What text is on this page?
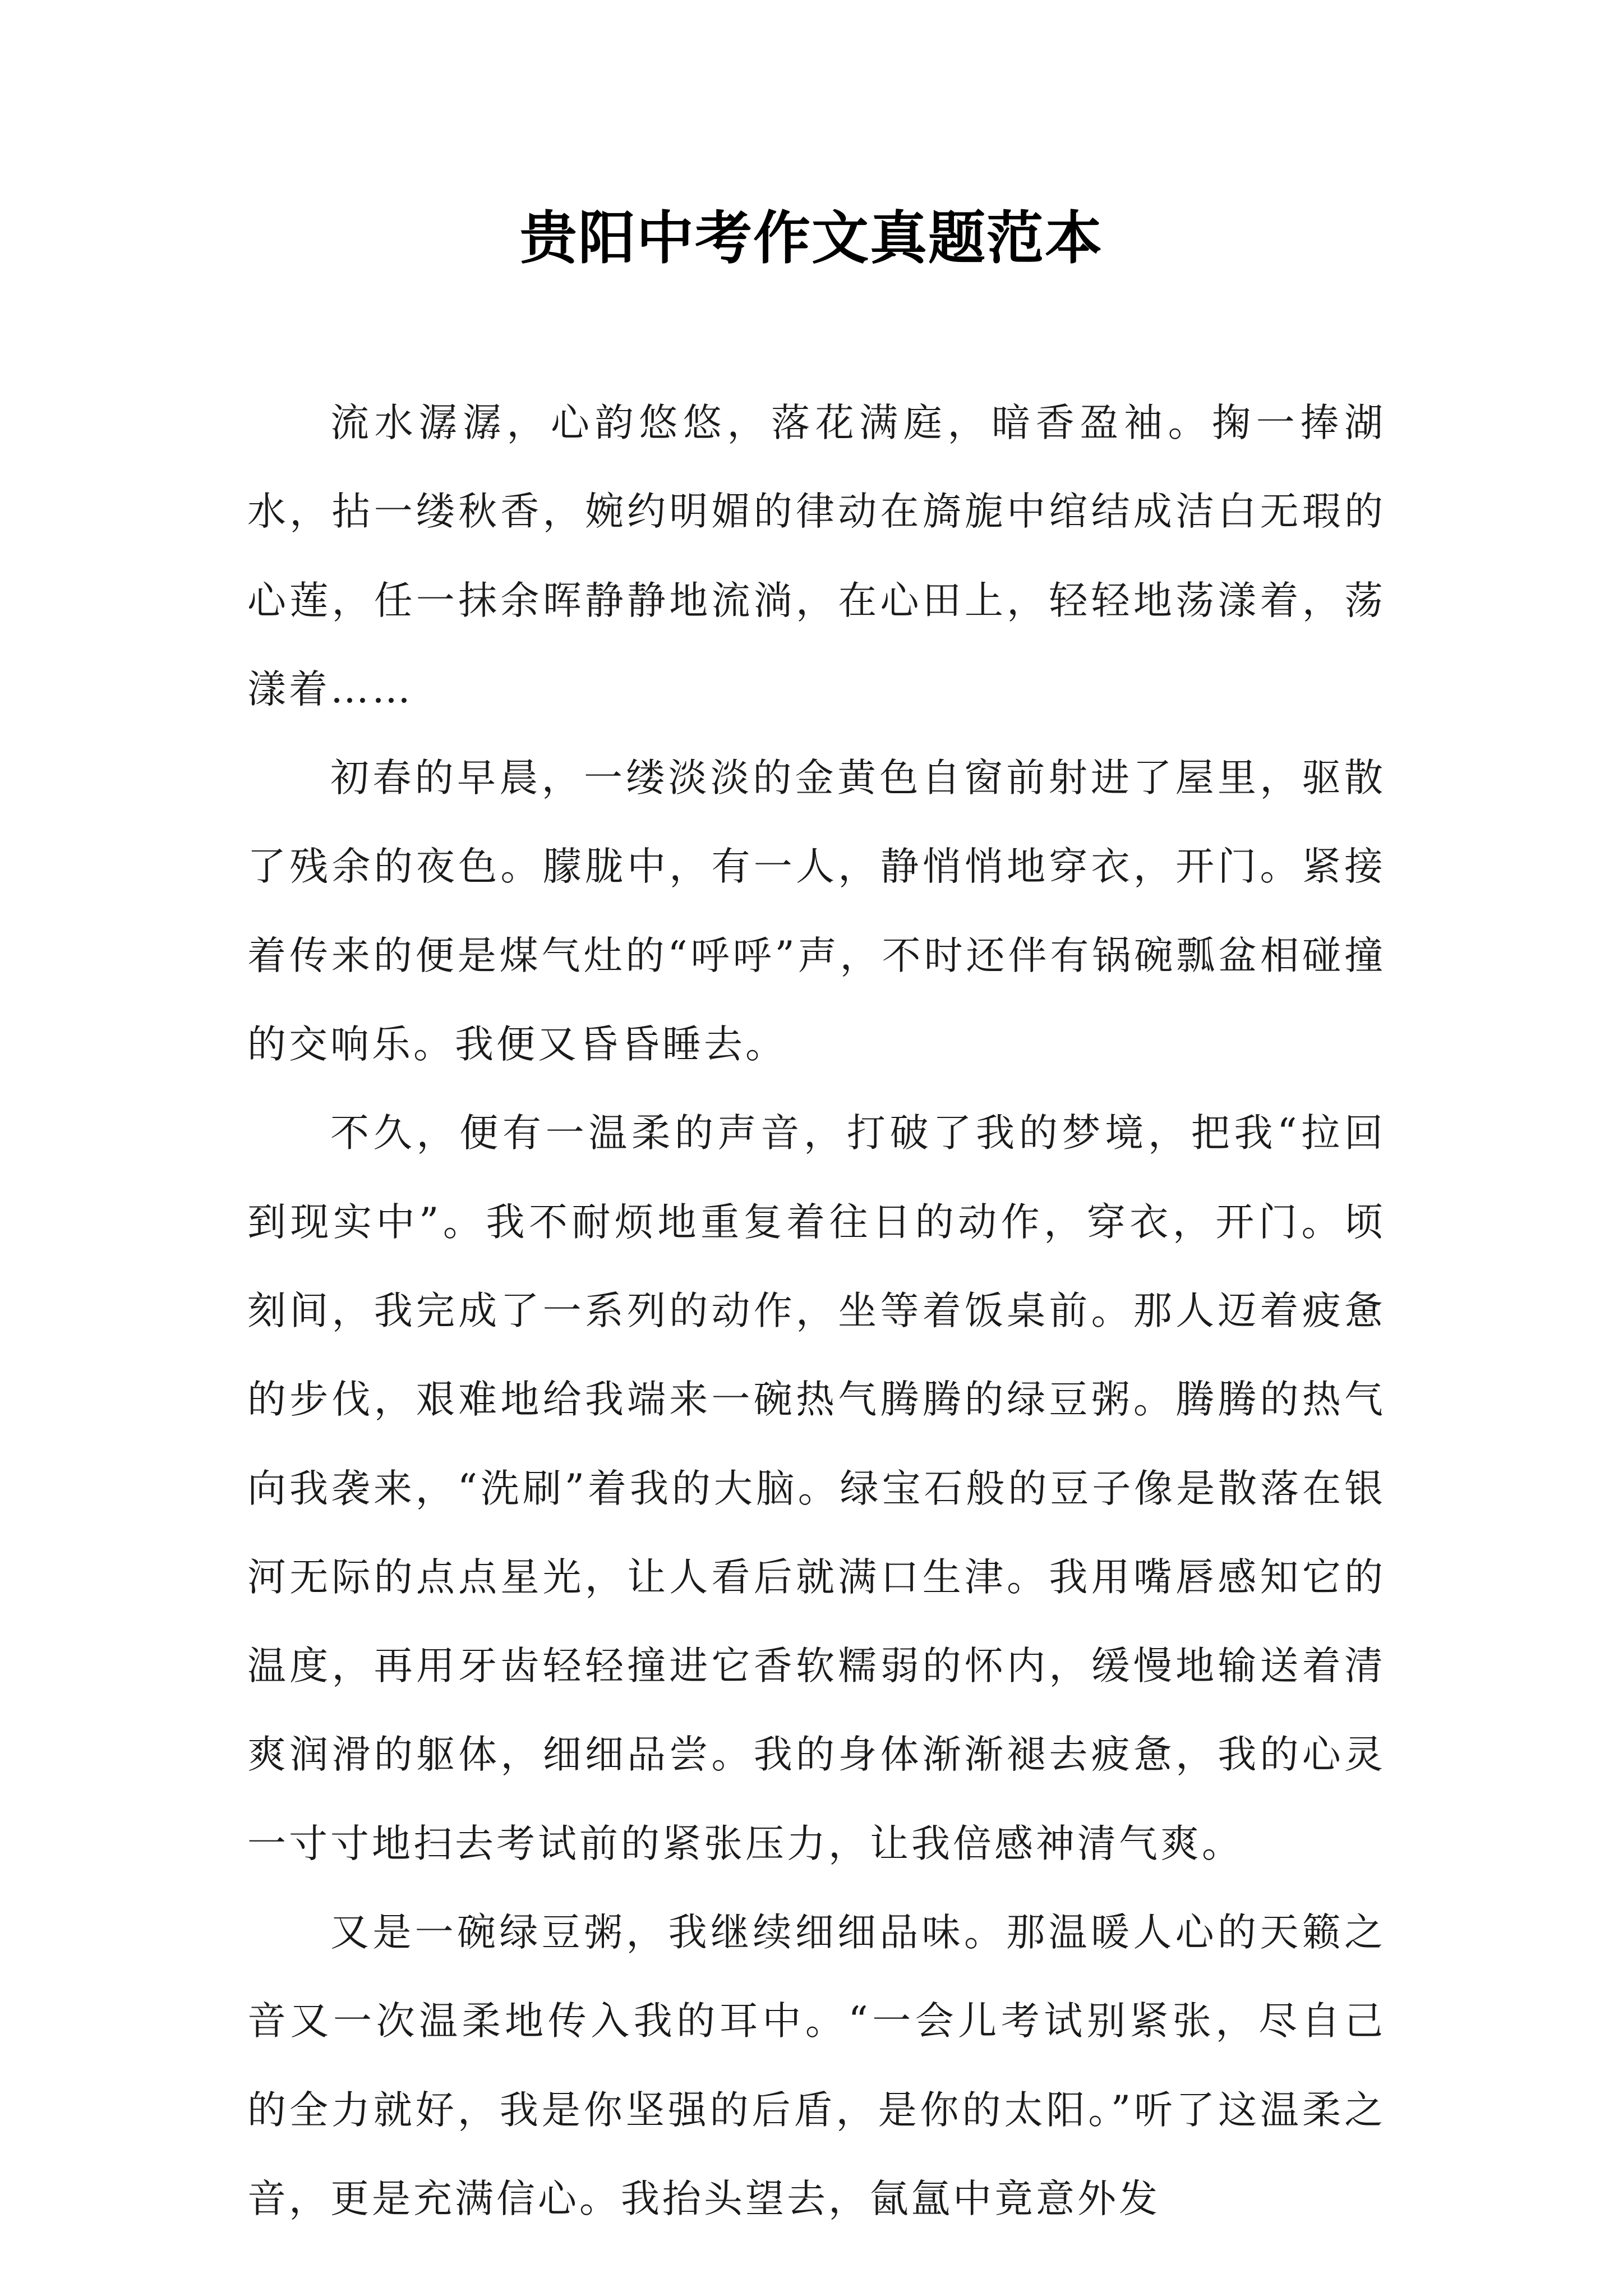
贵阳中考作文真题范本

流水潺潺，心韵悠悠，落花满庭，暗香盈袖。掬一捧湖水，拈一缕秋香，婉约明媚的律动在旖旎中绾结成洁白无瑕的心莲，任一抹余晖静静地流淌，在心田上，轻轻地荡漾着，荡漾着……

初春的早晨，一缕淡淡的金黄色自窗前射进了屋里，驱散了残余的夜色。朦胧中，有一人，静悄悄地穿衣，开门。紧接着传来的便是煤气灶的“呼呼”声，不时还伴有锅碗瓢盆相碰撞的交响乐。我便又昏昏睡去。

不久，便有一温柔的声音，打破了我的梦境，把我“拉回到现实中”。我不耐烦地重复着往日的动作，穿衣，开门。顷刻间，我完成了一系列的动作，坐等着饭桌前。那人迈着疲惫的步伐，艰难地给我端来一碗热气腾腾的绿豆粥。腾腾的热气向我袭来，“洗刷”着我的大脑。绿宝石般的豆子像是散落在银河无际的点点星光，让人看后就满口生津。我用嘴唇感知它的温度，再用牙齿轻轻撞进它香软糯弱的怀内，缓慢地输送着清爽润滑的躯体，细细品尝。我的身体渐渐褪去疲惫，我的心灵一寸寸地扫去考试前的紧张压力，让我倍感神清气爽。

又是一碗绿豆粥，我继续细细品味。那温暖人心的天籁之音又一次温柔地传入我的耳中。“一会儿考试别紧张，尽自己的全力就好，我是你坚强的后盾，是你的太阳。”听了这温柔之音，更是充满信心。我抬头望去，氤氲中竟意外发
